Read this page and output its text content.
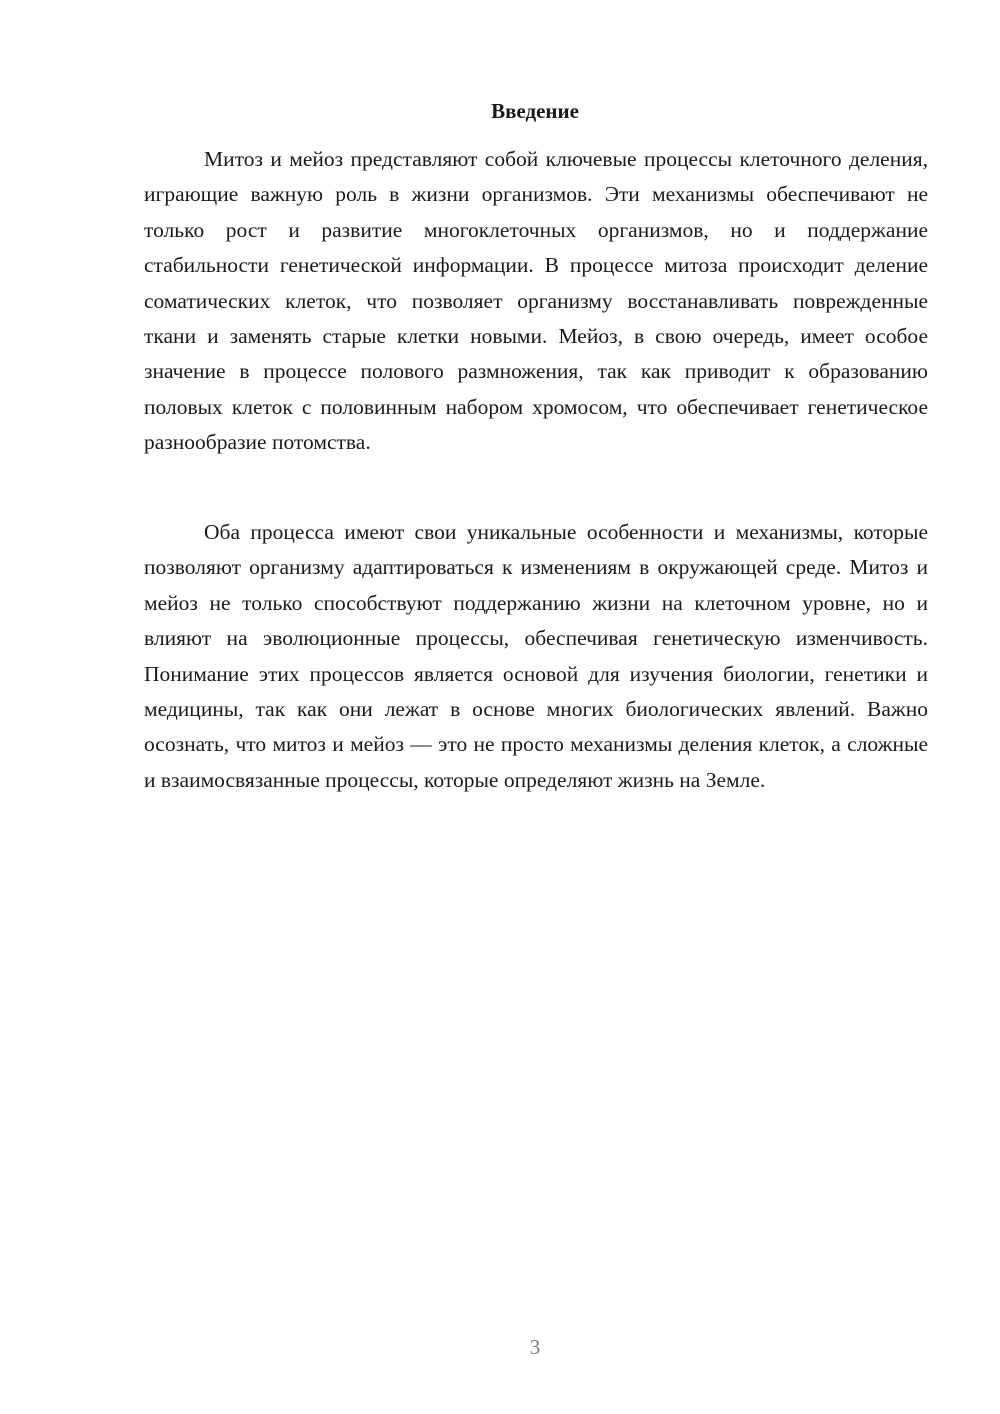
Введение

Митоз и мейоз представляют собой ключевые процессы клеточного деления, играющие важную роль в жизни организмов. Эти механизмы обеспечивают не только рост и развитие многоклеточных организмов, но и поддержание стабильности генетической информации. В процессе митоза происходит деление соматических клеток, что позволяет организму восстанавливать поврежденные ткани и заменять старые клетки новыми. Мейоз, в свою очередь, имеет особое значение в процессе полового размножения, так как приводит к образованию половых клеток с половинным набором хромосом, что обеспечивает генетическое разнообразие потомства.

Оба процесса имеют свои уникальные особенности и механизмы, которые позволяют организму адаптироваться к изменениям в окружающей среде. Митоз и мейоз не только способствуют поддержанию жизни на клеточном уровне, но и влияют на эволюционные процессы, обеспечивая генетическую изменчивость. Понимание этих процессов является основой для изучения биологии, генетики и медицины, так как они лежат в основе многих биологических явлений. Важно осознать, что митоз и мейоз — это не просто механизмы деления клеток, а сложные и взаимосвязанные процессы, которые определяют жизнь на Земле.

3
